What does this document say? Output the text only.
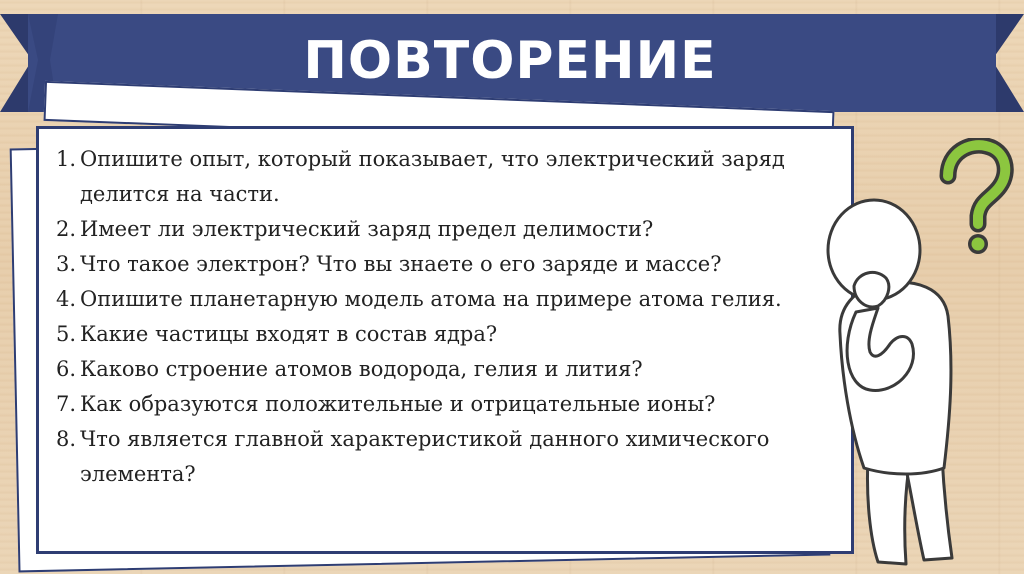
ПОВТОРЕНИЕ
1. Опишите опыт, который показывает, что электрический заряд делится на части.
2. Имеет ли электрический заряд предел делимости?
3. Что такое электрон? Что вы знаете о его заряде и массе?
4. Опишите планетарную модель атома на примере атома гелия.
5. Какие частицы входят в состав ядра?
6. Каково строение атомов водорода, гелия и лития?
7. Как образуются положительные и отрицательные ионы?
8. Что является главной характеристикой данного химического элемента?
